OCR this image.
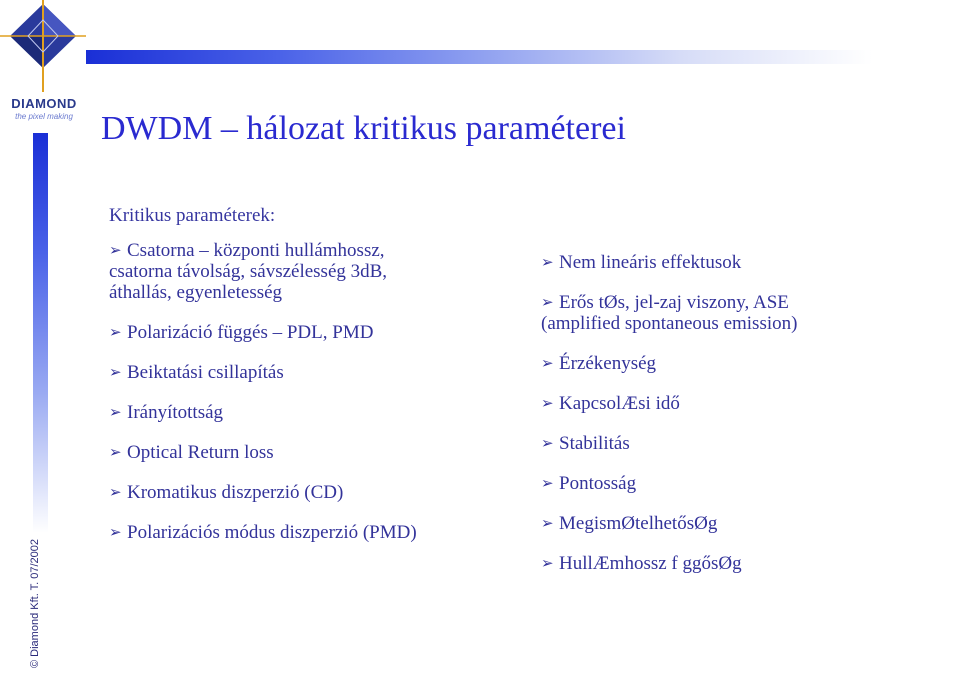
DIAMOND
the pixel making DWDM – hálozat kritikus paraméterei
© Diamond Kft. T. 07/2002
Kritikus paraméterek:
➢ Csatorna – központi hullámhossz,

csatorna távolság, sávszélesség 3dB,
áthallás, egyenletesség
➢ Polarizáció függés – PDL, PMD
➢ Beiktatási csillapítás
➢ Irányítottság
➢ Optical Return loss
➢ Kromatikus diszperzió (CD)
➢ Polarizációs módus diszperzió (PMD)
➢ Nem lineáris effektusok
➢ Erős tØs, jel-zaj viszony, ASE

(amplified spontaneous emission)
➢ Érzékenység
➢ KapcsolÆsi idő
➢ Stabilitás
➢ Pontosság
➢ MegismØtelhetősØg
➢ HullÆmhossz f ggősØg
